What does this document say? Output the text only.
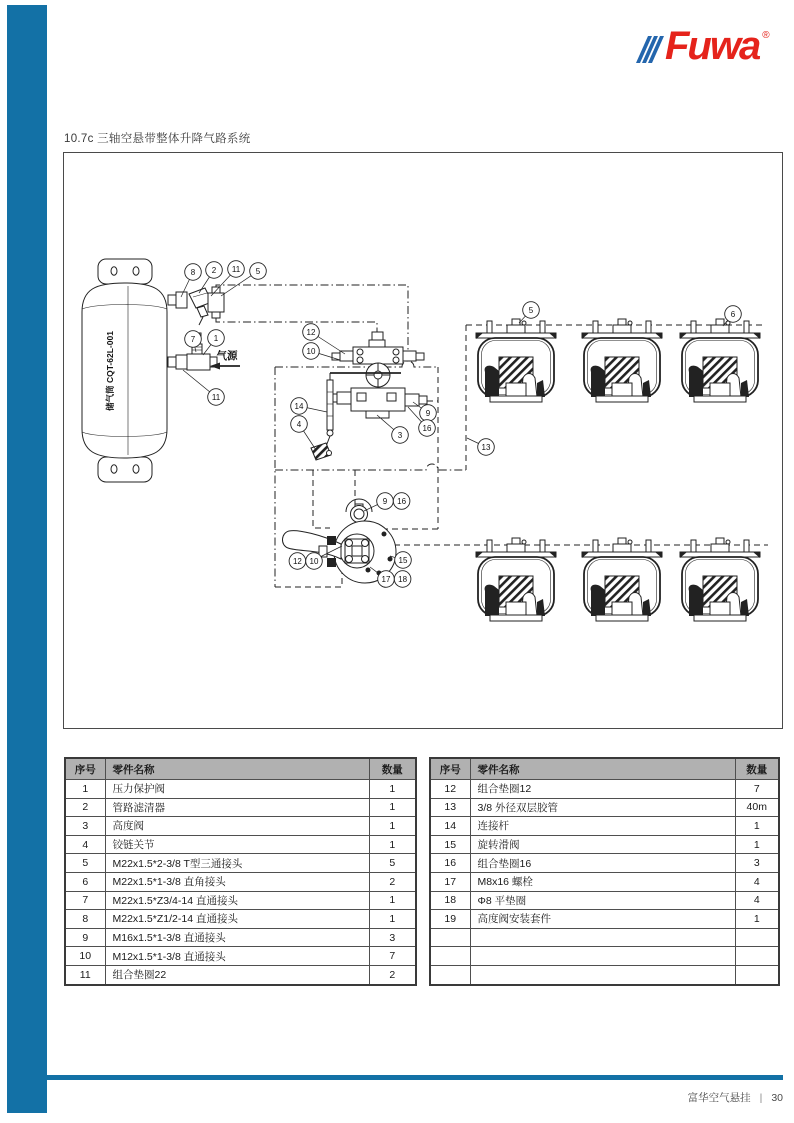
Fuwa ®
10.7c 三轴空悬带整体升降气路系统
储气筒 CQT-62L-001	气源
8 2 11 5
7 1
11
12
10
14
4
3
9
16
13
5	6
9 16
12 10	15
17 18
序号	零件名称	数量
1	压力保护阀	1
2	管路滤清器	1
3	高度阀	1
4	铰链关节	1
5	M22x1.5*2-3/8 T型三通接头	5
6	M22x1.5*1-3/8 直角接头	2
7	M22x1.5*Z3/4-14 直通接头	1
8	M22x1.5*Z1/2-14 直通接头	1
9	M16x1.5*1-3/8 直通接头	3
10	M12x1.5*1-3/8 直通接头	7
11	组合垫圈22	2
序号	零件名称	数量
12	组合垫圈12	7
13	3/8 外径双层胶管	40m
14	连接杆	1
15	旋转滑阀	1
16	组合垫圈16	3
17	M8x16 螺栓	4
18	Φ8 平垫圈	4
19	高度阀安装套件	1

富华空气悬挂 | 30
